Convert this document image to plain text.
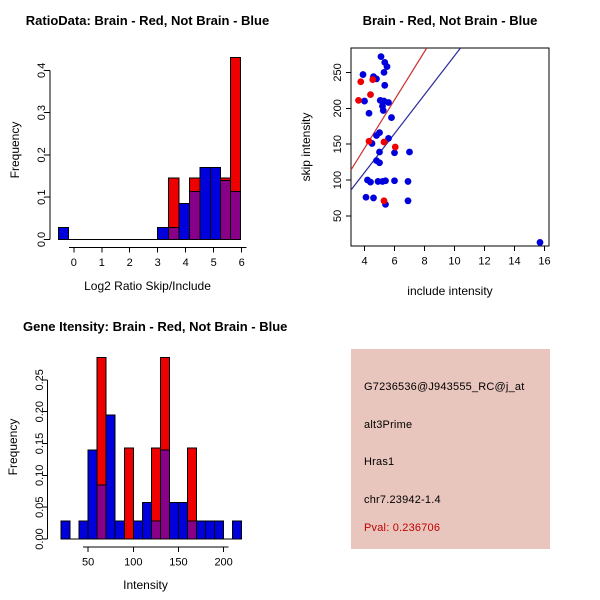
0 1 2 3 4 5 6
0.0
0.1
0.2
0.3
0.4
4 6 8 10 12 14 16
50
100
150
200
250
50	100 150 200
0.00
0.05
0.10
0.15
0.20
0.25
RatioData: Brain - Red, Not Brain - Blue	Brain - Red, Not Brain - Blue
Gene Itensity: Brain - Red, Not Brain - Blue
Log2 Ratio Skip/Include	include intensity
Intensity
Frequency	skip intensity
Frequency
G7236536@J943555_RC@j_at
alt3Prime
Hras1
chr7.23942-1.4
Pval: 0.236706
